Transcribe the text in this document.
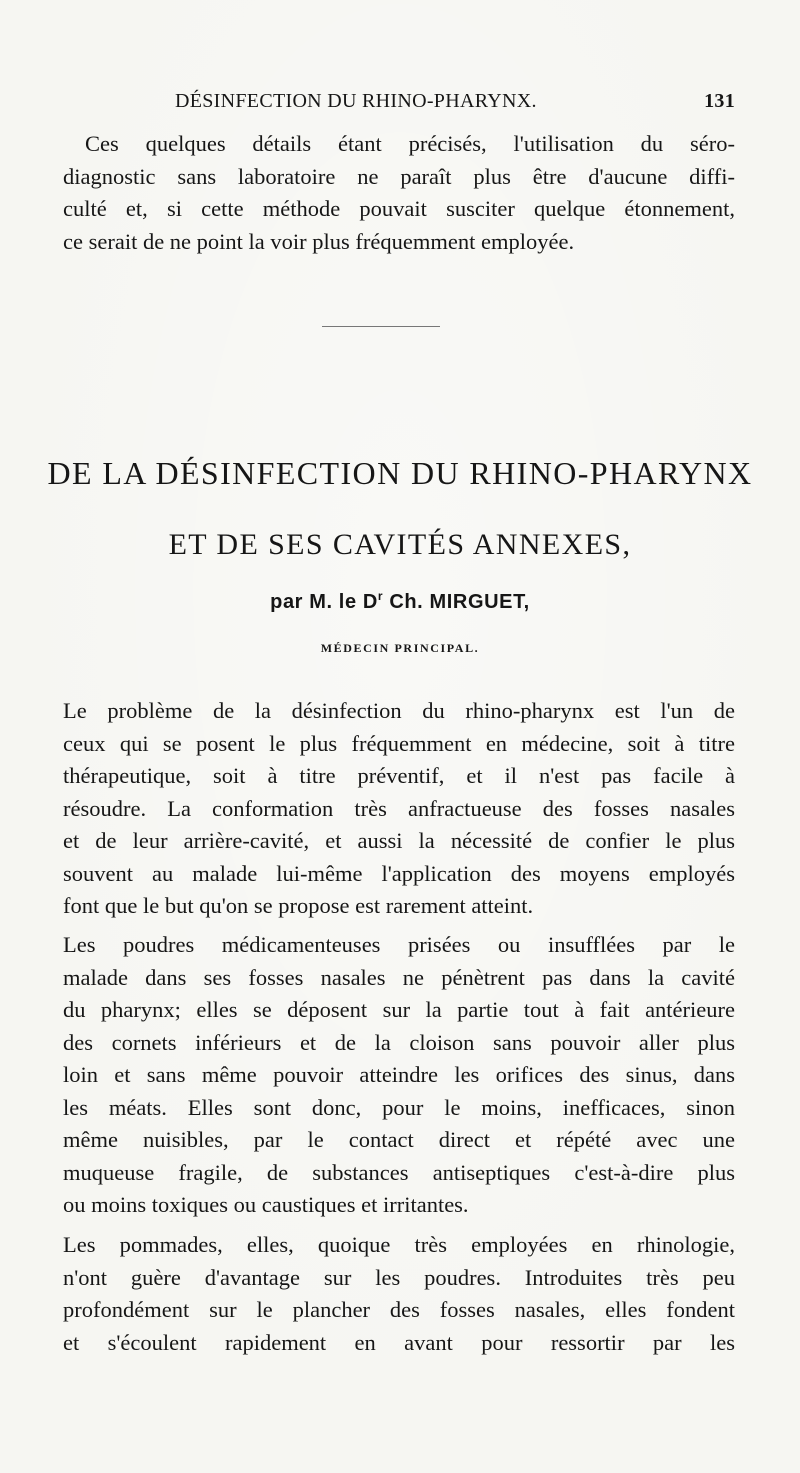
DÉSINFECTION DU RHINO-PHARYNX.	131
Ces quelques détails étant précisés, l'utilisation du séro-
diagnostic sans laboratoire ne paraît plus être d'aucune diffi-
culté et, si cette méthode pouvait susciter quelque étonnement,
ce serait de ne point la voir plus fréquemment employée.
DE LA DÉSINFECTION DU RHINO-PHARYNX
ET DE SES CAVITÉS ANNEXES,
par M. le $D^r$ Ch. MIRGUET,
MÉDECIN PRINCIPAL.
Le problème de la désinfection du rhino-pharynx est l'un de
ceux qui se posent le plus fréquemment en médecine, soit à titre
thérapeutique, soit à titre préventif, et il n'est pas facile à
résoudre. La conformation très anfractueuse des fosses nasales
et de leur arrière-cavité, et aussi la nécessité de confier le plus
souvent au malade lui-même l'application des moyens employés
font que le but qu'on se propose est rarement atteint.
Les poudres médicamenteuses prisées ou insufflées par le
malade dans ses fosses nasales ne pénètrent pas dans la cavité
du pharynx; elles se déposent sur la partie tout à fait antérieure
des cornets inférieurs et de la cloison sans pouvoir aller plus
loin et sans même pouvoir atteindre les orifices des sinus, dans
les méats. Elles sont donc, pour le moins, inefficaces, sinon
même nuisibles, par le contact direct et répété avec une
muqueuse fragile, de substances antiseptiques c'est-à-dire plus
ou moins toxiques ou caustiques et irritantes.
Les pommades, elles, quoique très employées en rhinologie,
n'ont guère d'avantage sur les poudres. Introduites très peu
profondément sur le plancher des fosses nasales, elles fondent
et s'écoulent rapidement en avant pour ressortir par les
